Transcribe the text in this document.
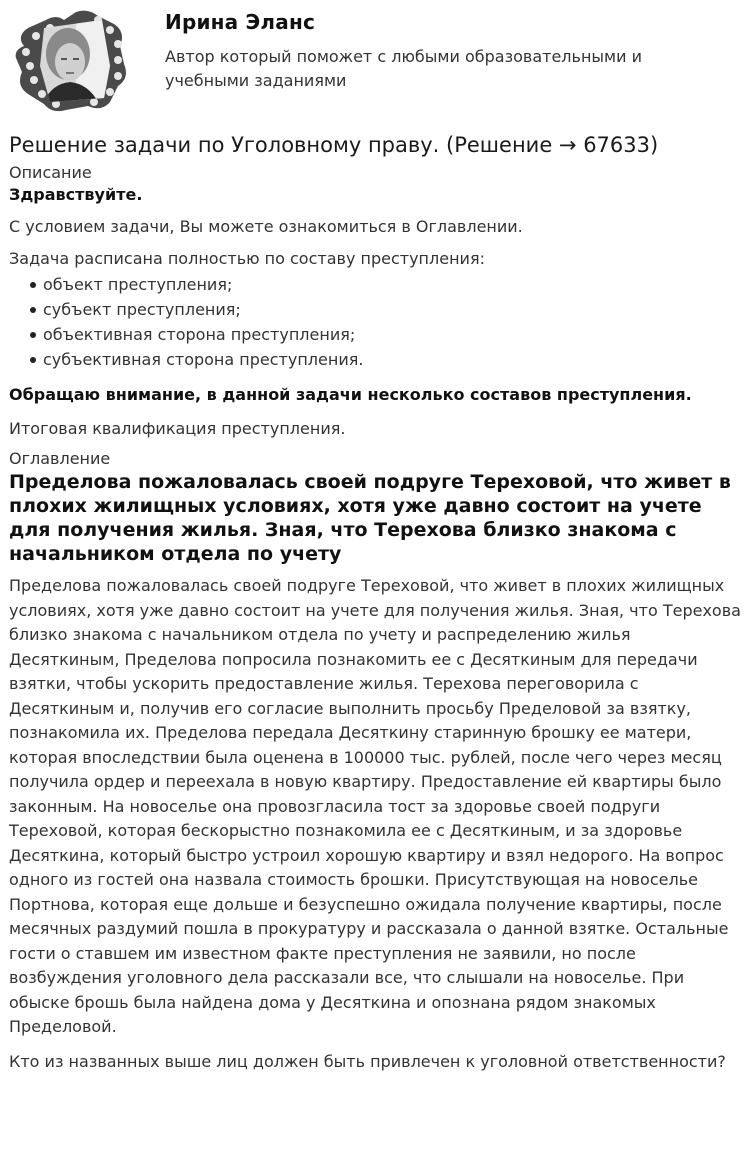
Ирина Эланс
Автор который поможет с любыми образовательными и учебными заданиями
Решение задачи по Уголовному праву. (Решение → 67633)
Описание
Здравствуйте.

С условием задачи, Вы можете ознакомиться в Оглавлении.

Задача расписана полностью по составу преступления:

объект преступления;
субъект преступления;
объективная сторона преступления;
субъективная сторона преступления.

Обращаю внимание, в данной задачи несколько составов преступления.

Итоговая квалификация преступления.

Оглавление
Пределова пожаловалась своей подруге Тереховой, что живет в плохих жилищных условиях, хотя уже давно состоит на учете для получения жилья. Зная, что Терехова близко знакома с начальником отдела по учету

Пределова пожаловалась своей подруге Тереховой, что живет в плохих жилищных условиях, хотя уже давно состоит на учете для получения жилья. Зная, что Терехова близко знакома с начальником отдела по учету и распределению жилья Десяткиным, Пределова попросила познакомить ее с Десяткиным для передачи взятки, чтобы ускорить предоставление жилья. Терехова переговорила с Десяткиным и, получив его согласие выполнить просьбу Пределовой за взятку, познакомила их. Пределова передала Десяткину старинную брошку ее матери, которая впоследствии была оценена в 100000 тыс. рублей, после чего через месяц получила ордер и переехала в новую квартиру. Предоставление ей квартиры было законным. На новоселье она провозгласила тост за здоровье своей подруги Тереховой, которая бескорыстно познакомила ее с Десяткиным, и за здоровье Десяткина, который быстро устроил хорошую квартиру и взял недорого. На вопрос одного из гостей она назвала стоимость брошки. Присутствующая на новоселье Портнова, которая еще дольше и безуспешно ожидала получение квартиры, после месячных раздумий пошла в прокуратуру и рассказала о данной взятке. Остальные гости о ставшем им известном факте преступления не заявили, но после возбуждения уголовного дела рассказали все, что слышали на новоселье. При обыске брошь была найдена дома у Десяткина и опознана рядом знакомых Пределовой.

Кто из названных выше лиц должен быть привлечен к уголовной ответственности?
